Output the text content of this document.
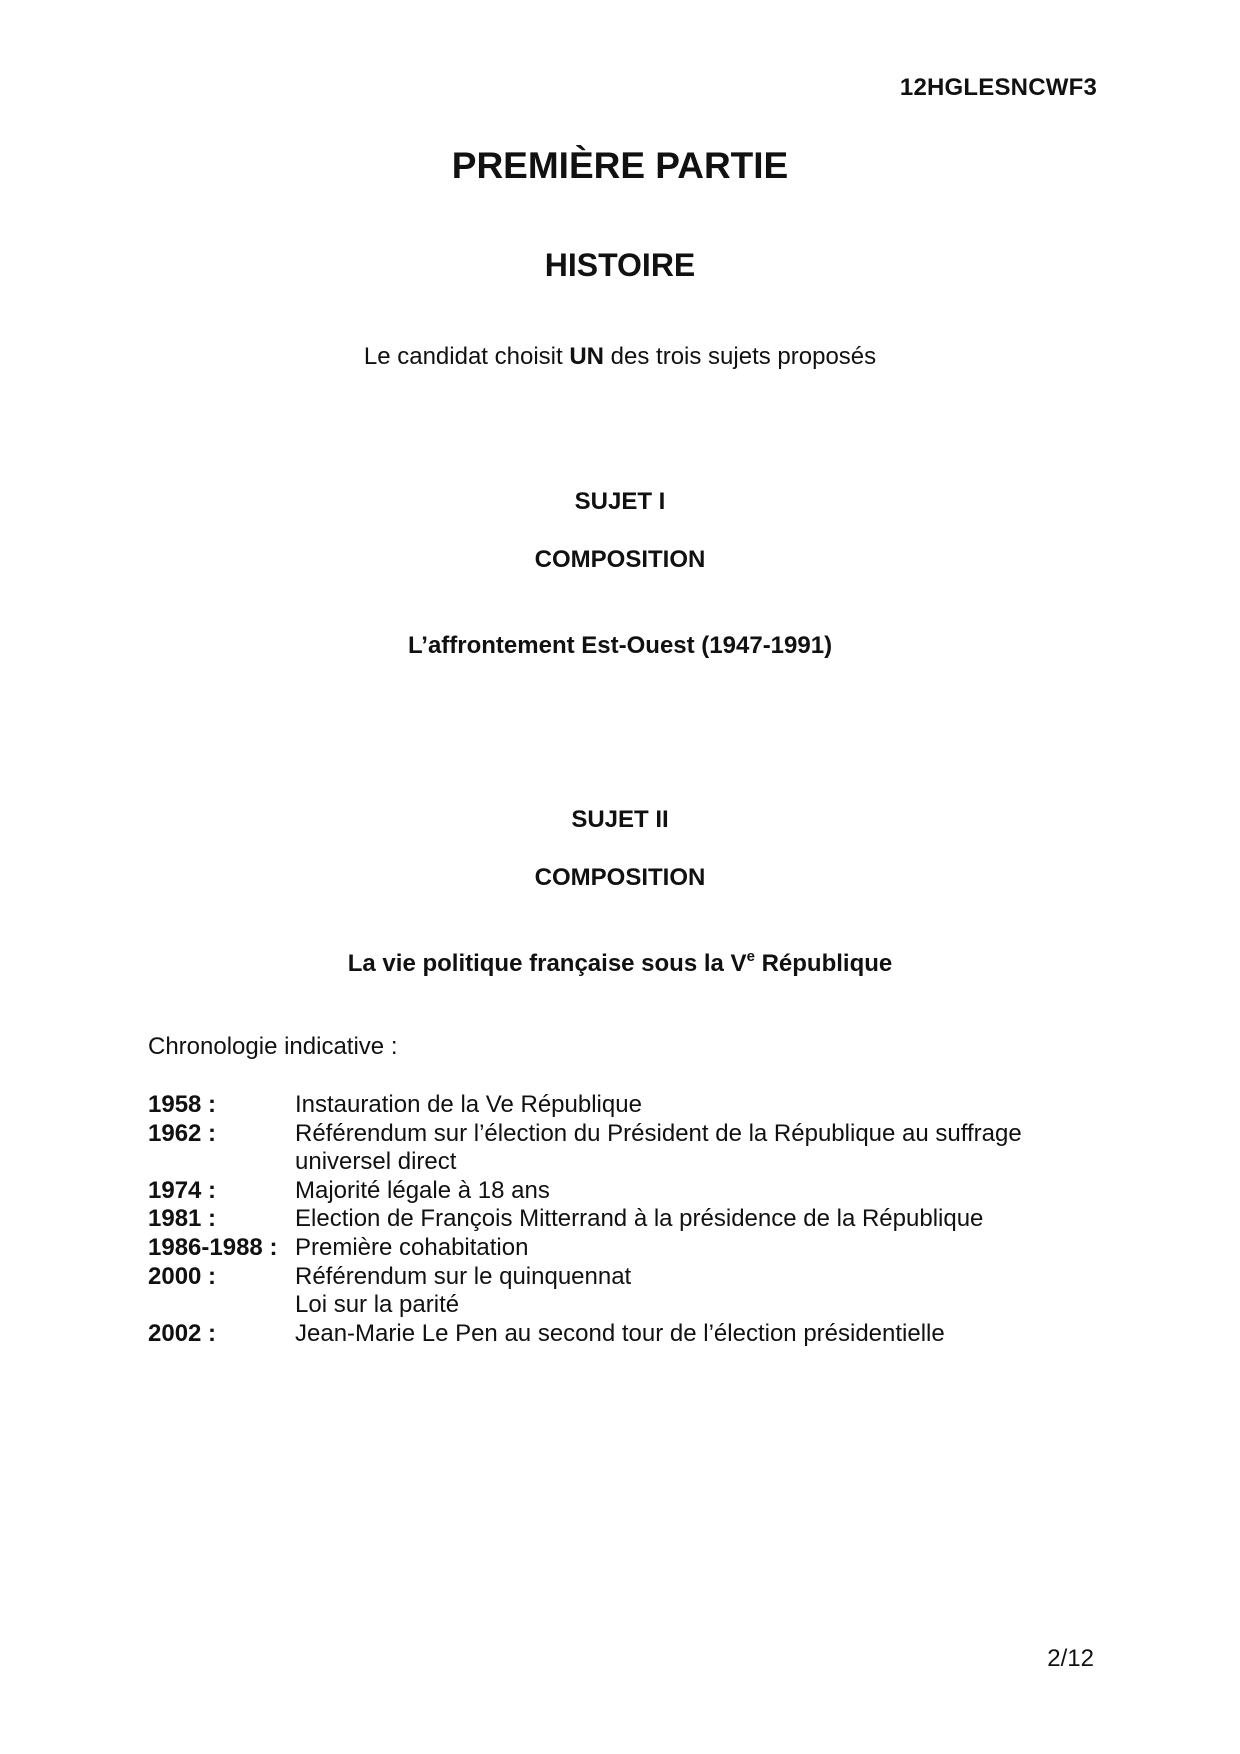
12HGLESNCWF3
PREMIÈRE PARTIE
HISTOIRE
Le candidat choisit UN des trois sujets proposés
SUJET I
COMPOSITION
L’affrontement Est-Ouest (1947-1991)
SUJET II
COMPOSITION
La vie politique française sous la Ve République
Chronologie indicative :
1958 :	Instauration de la Ve République
1962 :	Référendum sur l’élection du Président de la République au suffrage universel direct
1974 :	Majorité légale à 18 ans
1981 :	Election de François Mitterrand à la présidence de la République
1986-1988 : Première cohabitation
2000 :	Référendum sur le quinquennat
Loi sur la parité
2002 :	Jean-Marie Le Pen au second tour de l’élection présidentielle
2/12
